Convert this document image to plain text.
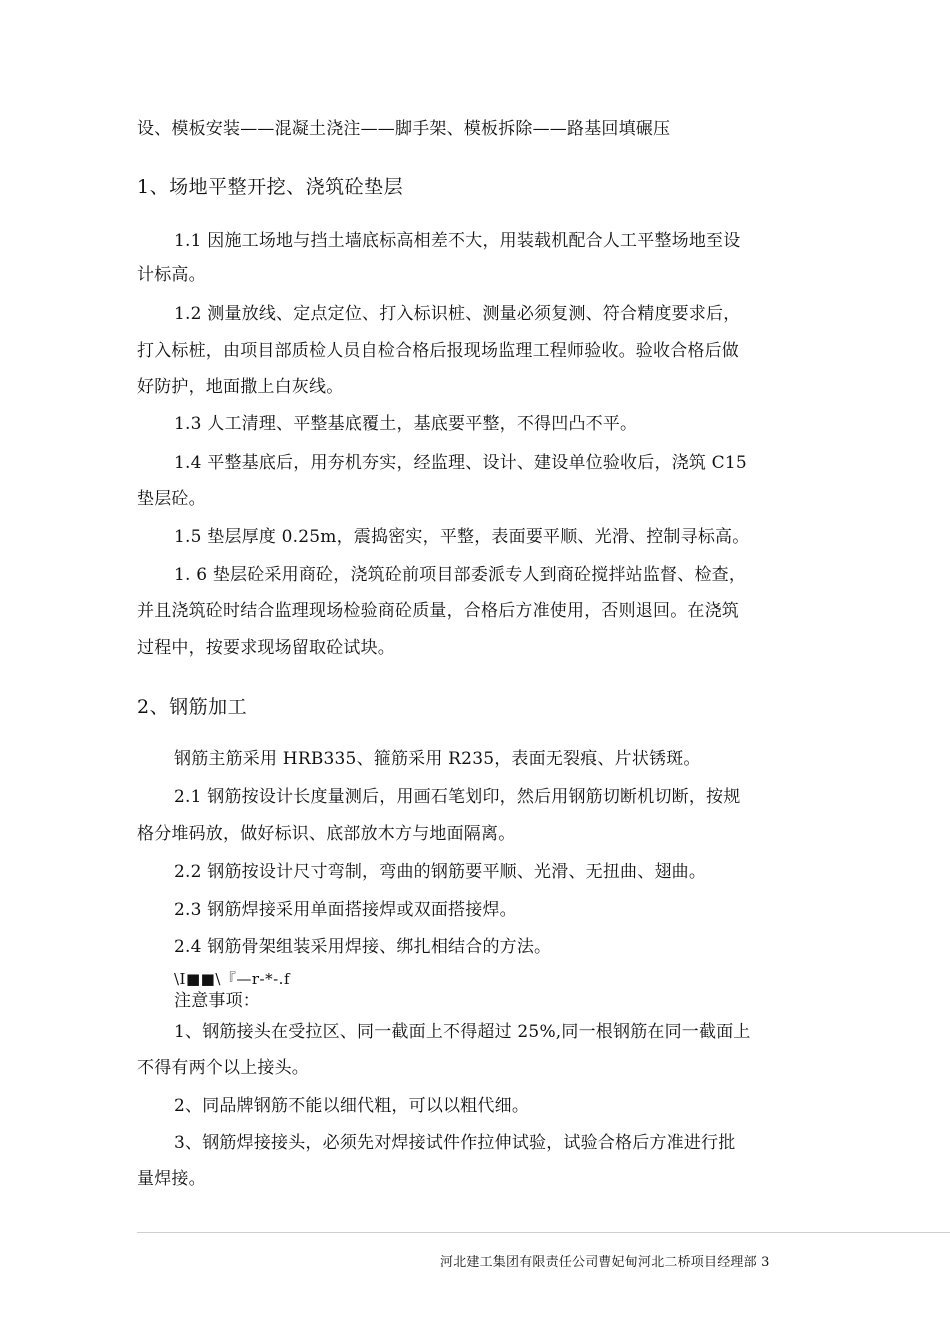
设、模板安装——混凝土浇注——脚手架、模板拆除——路基回填碾压
1、场地平整开挖、浇筑砼垫层
1.1 因施工场地与挡土墙底标高相差不大，用装载机配合人工平整场地至设
计标高。
1.2 测量放线、定点定位、打入标识桩、测量必须复测、符合精度要求后，
打入标桩，由项目部质检人员自检合格后报现场监理工程师验收。验收合格后做
好防护，地面撒上白灰线。
1.3 人工清理、平整基底覆土，基底要平整，不得凹凸不平。
1.4 平整基底后，用夯机夯实，经监理、设计、建设单位验收后，浇筑 C15
垫层砼。
1.5 垫层厚度 0.25m，震捣密实，平整，表面要平顺、光滑、控制寻标高。
1. 6 垫层砼采用商砼，浇筑砼前项目部委派专人到商砼搅拌站监督、检查，
并且浇筑砼时结合监理现场检验商砼质量，合格后方准使用，否则退回。在浇筑
过程中，按要求现场留取砼试块。
2、钢筋加工
钢筋主筋采用 HRB335、箍筋采用 R235，表面无裂痕、片状锈斑。
2.1 钢筋按设计长度量测后，用画石笔划印，然后用钢筋切断机切断，按规
格分堆码放，做好标识、底部放木方与地面隔离。
2.2 钢筋按设计尺寸弯制，弯曲的钢筋要平顺、光滑、无扭曲、翅曲。
2.3 钢筋焊接采用单面搭接焊或双面搭接焊。
2.4 钢筋骨架组装采用焊接、绑扎相结合的方法。
\I■■\『—r-*-.f
注意事项：
1、钢筋接头在受拉区、同一截面上不得超过 25%,同一根钢筋在同一截面上
不得有两个以上接头。
2、同品牌钢筋不能以细代粗，可以以粗代细。
3、钢筋焊接接头，必须先对焊接试件作拉伸试验，试验合格后方准进行批
量焊接。
河北建工集团有限责任公司曹妃甸河北二桥项目经理部 3
